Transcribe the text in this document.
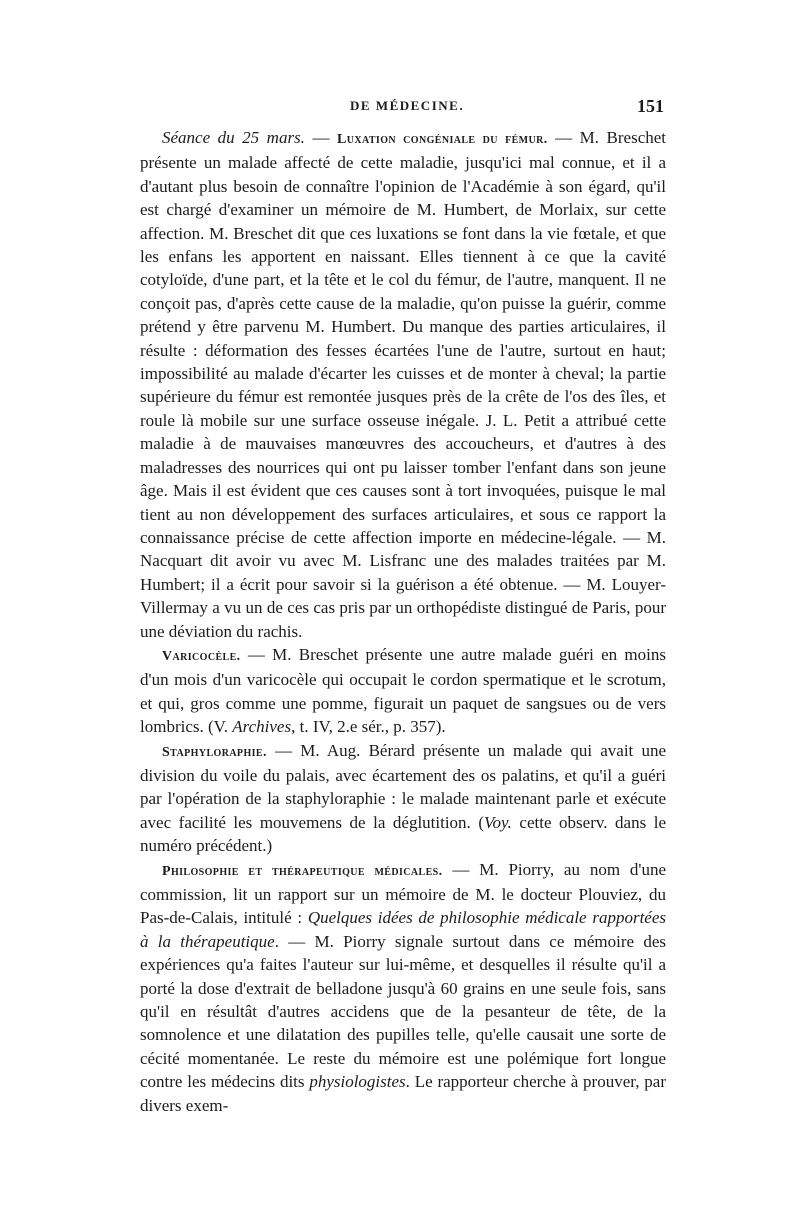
DE MÉDECINE.	151

Séance du 25 mars. — Luxation congéniale du fémur. — M. Breschet présente un malade affecté de cette maladie, jusqu'ici mal connue, et il a d'autant plus besoin de connaître l'opinion de l'Académie à son égard, qu'il est chargé d'examiner un mémoire de M. Humbert, de Morlaix, sur cette affection. M. Breschet dit que ces luxations se font dans la vie fœtale, et que les enfans les apportent en naissant. Elles tiennent à ce que la cavité cotyloïde, d'une part, et la tête et le col du fémur, de l'autre, manquent. Il ne conçoit pas, d'après cette cause de la maladie, qu'on puisse la guérir, comme prétend y être parvenu M. Humbert. Du manque des parties articulaires, il résulte : déformation des fesses écartées l'une de l'autre, surtout en haut; impossibilité au malade d'écarter les cuisses et de monter à cheval; la partie supérieure du fémur est remontée jusques près de la crête de l'os des îles, et roule là mobile sur une surface osseuse inégale. J. L. Petit a attribué cette maladie à de mauvaises manœuvres des accoucheurs, et d'autres à des maladresses des nourrices qui ont pu laisser tomber l'enfant dans son jeune âge. Mais il est évident que ces causes sont à tort invoquées, puisque le mal tient au non développement des surfaces articulaires, et sous ce rapport la connaissance précise de cette affection importe en médecine-légale. — M. Nacquart dit avoir vu avec M. Lisfranc une des malades traitées par M. Humbert; il a écrit pour savoir si la guérison a été obtenue. — M. Louyer-Villermay a vu un de ces cas pris par un orthopédiste distingué de Paris, pour une déviation du rachis.

Varicocèle. — M. Breschet présente une autre malade guéri en moins d'un mois d'un varicocèle qui occupait le cordon spermatique et le scrotum, et qui, gros comme une pomme, figurait un paquet de sangsues ou de vers lombrics. (V. Archives, t. IV, 2.e sér., p. 357).

Staphyloraphie. — M. Aug. Bérard présente un malade qui avait une division du voile du palais, avec écartement des os palatins, et qu'il a guéri par l'opération de la staphyloraphie : le malade maintenant parle et exécute avec facilité les mouvemens de la déglutition. (Voy. cette observ. dans le numéro précédent.)

Philosophie et thérapeutique médicales. — M. Piorry, au nom d'une commission, lit un rapport sur un mémoire de M. le docteur Plouviez, du Pas-de-Calais, intitulé : Quelques idées de philosophie médicale rapportées à la thérapeutique. — M. Piorry signale surtout dans ce mémoire des expériences qu'a faites l'auteur sur lui-même, et desquelles il résulte qu'il a porté la dose d'extrait de belladone jusqu'à 60 grains en une seule fois, sans qu'il en résultât d'autres accidens que de la pesanteur de tête, de la somnolence et une dilatation des pupilles telle, qu'elle causait une sorte de cécité momentanée. Le reste du mémoire est une polémique fort longue contre les médecins dits physiologistes. Le rapporteur cherche à prouver, par divers exem-
